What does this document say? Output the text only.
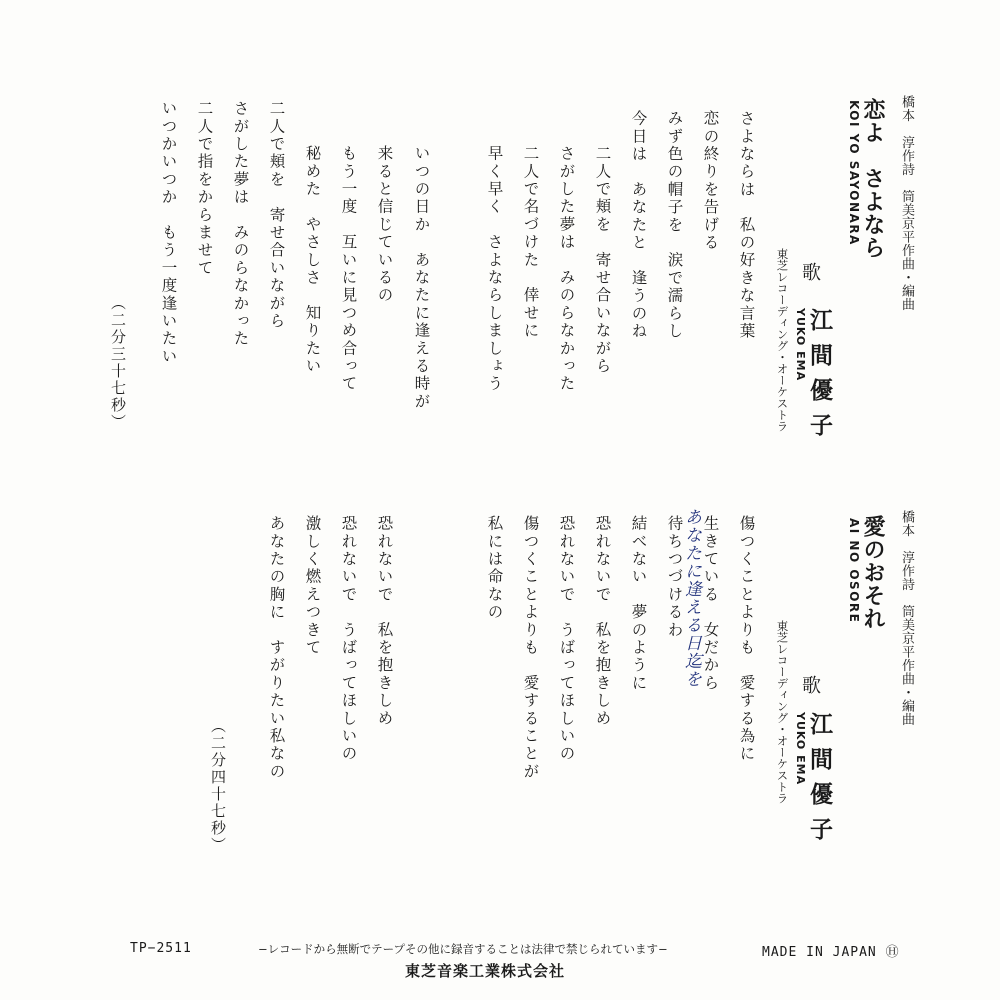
橋本　淳作詩　筒美京平作曲・編曲
恋よ　さよなら
KOI YO SAYONARA
東芝レコーディング・オーケストラ 歌
江間優子
YUKO EMA
さよならは　私の好きな言葉
恋の終りを告げる
みず色の帽子を　涙で濡らし
今日は　あなたと　逢うのね
二人で頬を　寄せ合いながら
さがした夢は　みのらなかった
二人で名づけた　倖せに
早く早く　さよならしましょう
いつの日か　あなたに逢える時が
来ると信じているの
もう一度　互いに見つめ合って
秘めた　やさしさ　知りたい
二人で頬を　寄せ合いながら
さがした夢は　みのらなかった
二人で指をからませて
いつかいつか　もう一度逢いたい
（二分三十七秒）
橋本　淳作詩　筒美京平作曲・編曲
愛のおそれ
AI NO OSORE
東芝レコーディング・オーケストラ 歌
江間優子
YUKO EMA
傷つくことよりも　愛する為に
生きている　女だから
待ちつづけるわ
結べない　夢のように
恐れないで　私を抱きしめ
恐れないで　うばってほしいの
傷つくことよりも　愛することが
私には命なの
恐れないで　私を抱きしめ
恐れないで　うばってほしいの
激しく燃えつきて
あなたの胸に　すがりたい私なの	あなたに逢える日迄を
（二分四十七秒）
TP−2511	−レコードから無断でテープその他に録音することは法律で禁じられています−	MADE IN JAPAN Ⓗ
東芝音楽工業株式会社
